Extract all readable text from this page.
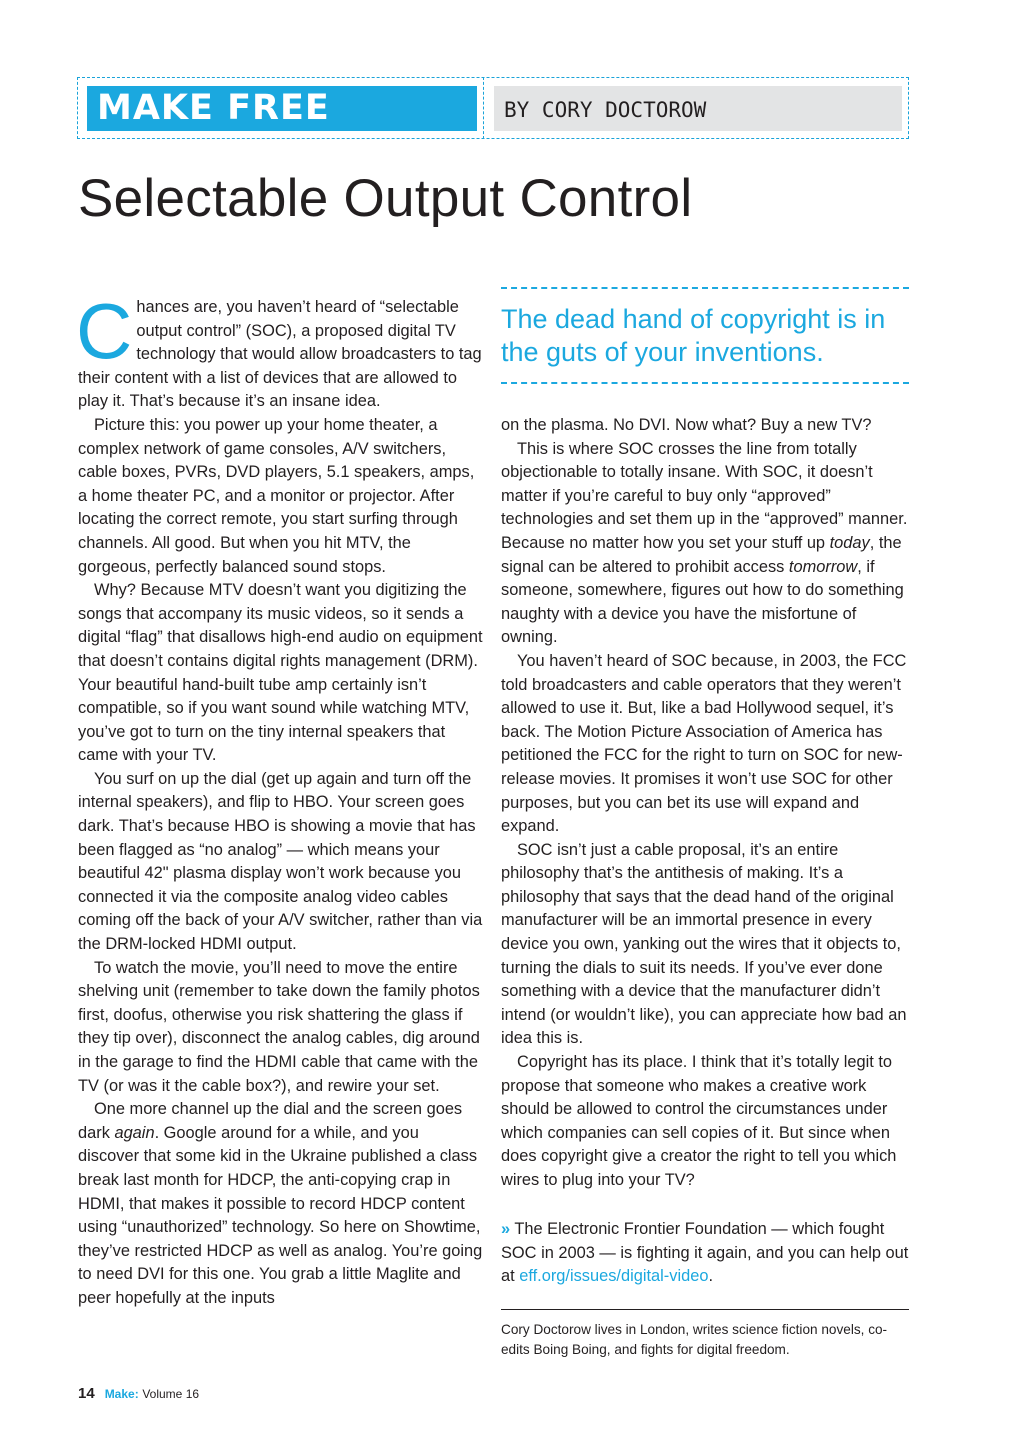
MAKE FREE	BY CORY DOCTOROW
Selectable Output Control

Chances are, you haven’t heard of “selectable output control” (SOC), a proposed digital TV technology that would allow broadcasters to tag their content with a list of devices that are allowed to play it. That’s because it’s an insane idea.

Picture this: you power up your home theater, a complex network of game consoles, A/V switchers, cable boxes, PVRs, DVD players, 5.1 speakers, amps, a home theater PC, and a monitor or projector. After locating the correct remote, you start surfing through channels. All good. But when you hit MTV, the gorgeous, perfectly balanced sound stops.

Why? Because MTV doesn’t want you digitizing the songs that accompany its music videos, so it sends a digital “flag” that disallows high-end audio on equipment that doesn’t contains digital rights management (DRM). Your beautiful hand-built tube amp certainly isn’t compatible, so if you want sound while watching MTV, you’ve got to turn on the tiny internal speakers that came with your TV.

You surf on up the dial (get up again and turn off the internal speakers), and flip to HBO. Your screen goes dark. That’s because HBO is showing a movie that has been flagged as “no analog” — which means your beautiful 42" plasma display won’t work because you connected it via the composite analog video cables coming off the back of your A/V switcher, rather than via the DRM-locked HDMI output.

To watch the movie, you’ll need to move the entire shelving unit (remember to take down the family photos first, doofus, otherwise you risk shattering the glass if they tip over), disconnect the analog cables, dig around in the garage to find the HDMI cable that came with the TV (or was it the cable box?), and rewire your set.

One more channel up the dial and the screen goes dark again. Google around for a while, and you discover that some kid in the Ukraine published a class break last month for HDCP, the anti-copying crap in HDMI, that makes it possible to record HDCP content using “unauthorized” technology. So here on Showtime, they’ve restricted HDCP as well as analog. You’re going to need DVI for this one. You grab a little Maglite and peer hopefully at the inputs

The dead hand of copyright is in the guts of your inventions.

on the plasma. No DVI. Now what? Buy a new TV?

This is where SOC crosses the line from totally objectionable to totally insane. With SOC, it doesn’t matter if you’re careful to buy only “approved” technologies and set them up in the “approved” manner. Because no matter how you set your stuff up today, the signal can be altered to prohibit access tomorrow, if someone, somewhere, figures out how to do something naughty with a device you have the misfortune of owning.

You haven’t heard of SOC because, in 2003, the FCC told broadcasters and cable operators that they weren’t allowed to use it. But, like a bad Hollywood sequel, it’s back. The Motion Picture Association of America has petitioned the FCC for the right to turn on SOC for new-release movies. It promises it won’t use SOC for other purposes, but you can bet its use will expand and expand.

SOC isn’t just a cable proposal, it’s an entire philosophy that’s the antithesis of making. It’s a philosophy that says that the dead hand of the original manufacturer will be an immortal presence in every device you own, yanking out the wires that it objects to, turning the dials to suit its needs. If you’ve ever done something with a device that the manufacturer didn’t intend (or wouldn’t like), you can appreciate how bad an idea this is.

Copyright has its place. I think that it’s totally legit to propose that someone who makes a creative work should be allowed to control the circumstances under which companies can sell copies of it. But since when does copyright give a creator the right to tell you which wires to plug into your TV?

» The Electronic Frontier Foundation — which fought SOC in 2003 — is fighting it again, and you can help out at eff.org/issues/digital-video.

Cory Doctorow lives in London, writes science fiction novels, co-edits Boing Boing, and fights for digital freedom.

14 Make: Volume 16
